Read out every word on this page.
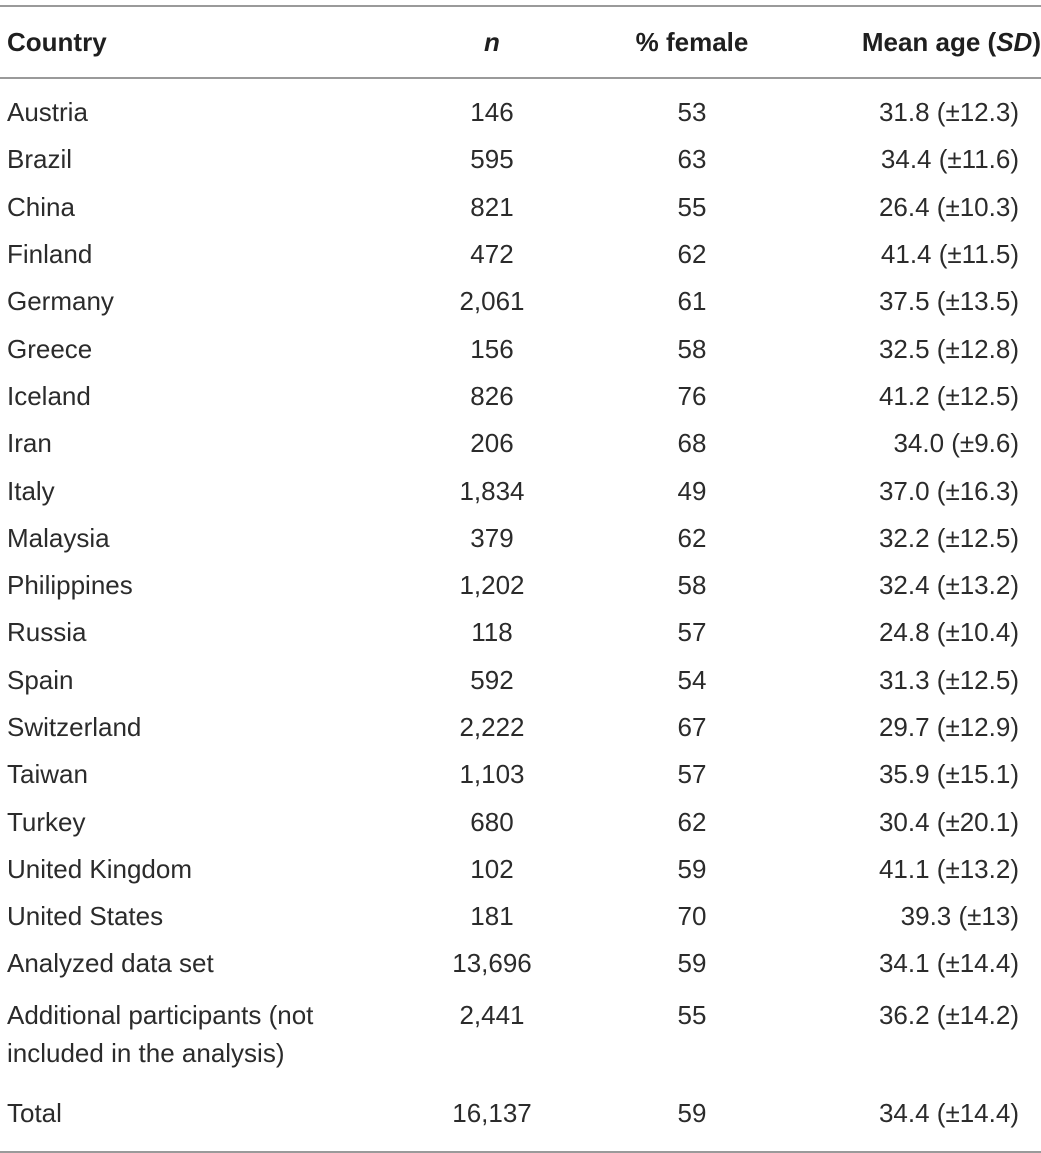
Country	n	% female	Mean age (SD)
Austria	146	53	31.8 (±12.3)
Brazil	595	63	34.4 (±11.6)
China	821	55	26.4 (±10.3)
Finland	472	62	41.4 (±11.5)
Germany	2,061	61	37.5 (±13.5)
Greece	156	58	32.5 (±12.8)
Iceland	826	76	41.2 (±12.5)
Iran	206	68	34.0 (±9.6)
Italy	1,834	49	37.0 (±16.3)
Malaysia	379	62	32.2 (±12.5)
Philippines	1,202	58	32.4 (±13.2)
Russia	118	57	24.8 (±10.4)
Spain	592	54	31.3 (±12.5)
Switzerland	2,222	67	29.7 (±12.9)
Taiwan	1,103	57	35.9 (±15.1)
Turkey	680	62	30.4 (±20.1)
United Kingdom	102	59	41.1 (±13.2)
United States	181	70	39.3 (±13)
Analyzed data set	13,696	59	34.1 (±14.4)
Additional participants (not
included in the analysis)	2,441	55	36.2 (±14.2)
Total	16,137	59	34.4 (±14.4)
